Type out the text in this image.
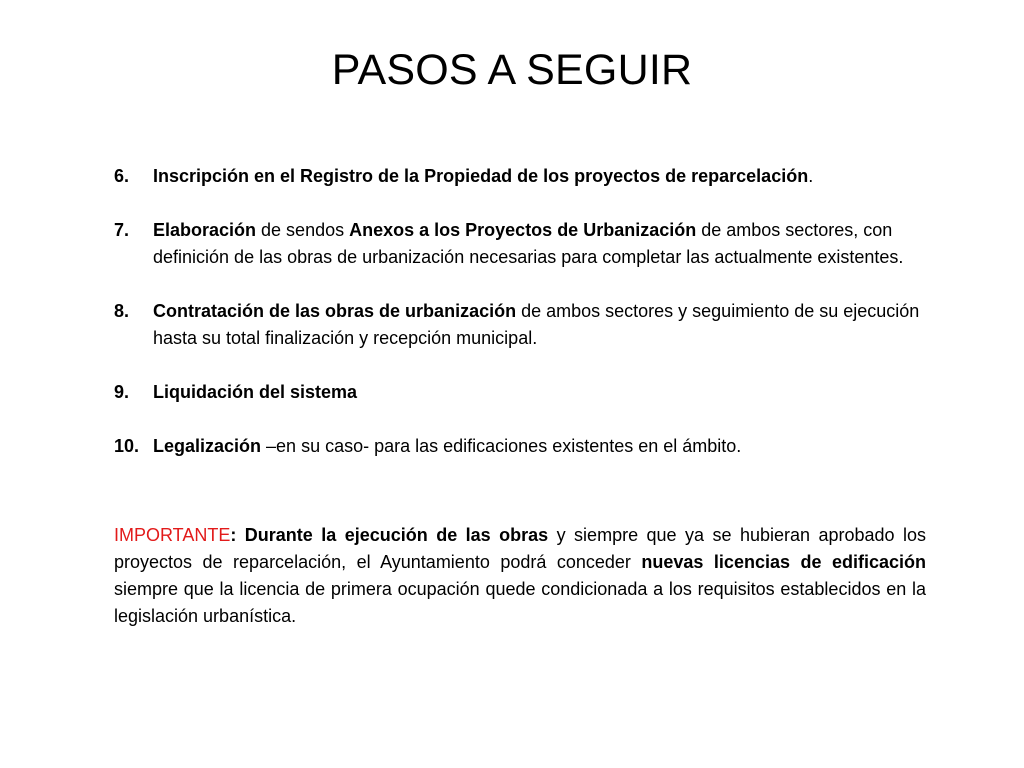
PASOS A SEGUIR
6.	Inscripción en el Registro de la Propiedad de los proyectos de reparcelación.
7.	Elaboración de sendos Anexos a los Proyectos de Urbanización de ambos sectores, con definición de las obras de urbanización necesarias para completar las actualmente existentes.
8.	Contratación de las obras de urbanización de ambos sectores y seguimiento de su ejecución hasta su total finalización y recepción municipal.
9.	Liquidación del sistema
10. Legalización –en su caso- para las edificaciones existentes en el ámbito.
IMPORTANTE: Durante la ejecución de las obras y siempre que ya se hubieran aprobado los proyectos de reparcelación, el Ayuntamiento podrá conceder nuevas licencias de edificación siempre que la licencia de primera ocupación quede condicionada a los requisitos establecidos en la legislación urbanística.
